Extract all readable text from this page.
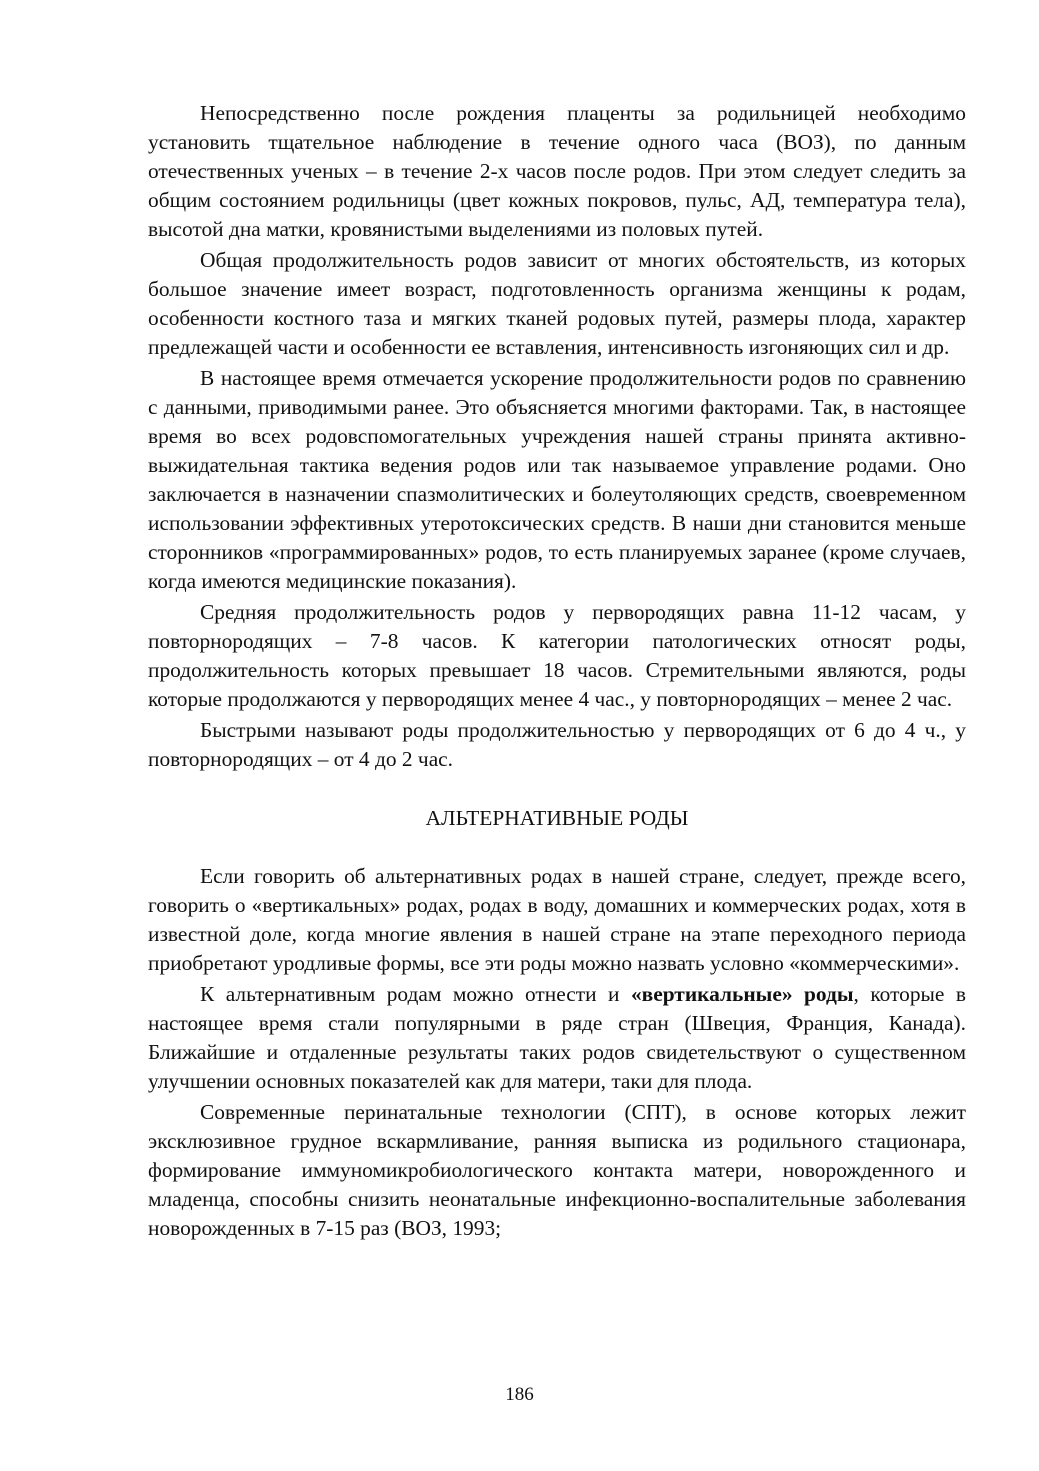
Непосредственно после рождения плаценты за родильницей необходимо установить тщательное наблюдение в течение одного часа (ВОЗ), по данным отечественных ученых – в течение 2-х часов после родов. При этом следует следить за общим состоянием родильницы (цвет кожных покровов, пульс, АД, температура тела), высотой дна матки, кровянистыми выделениями из половых путей.

Общая продолжительность родов зависит от многих обстоятельств, из которых большое значение имеет возраст, подготовленность организма женщины к родам, особенности костного таза и мягких тканей родовых путей, размеры плода, характер предлежащей части и особенности ее вставления, интенсивность изгоняющих сил и др.

В настоящее время отмечается ускорение продолжительности родов по сравнению с данными, приводимыми ранее. Это объясняется многими факторами. Так, в настоящее время во всех родовспомогательных учреждения нашей страны принята активно-выжидательная тактика ведения родов или так называемое управление родами. Оно заключается в назначении спазмолитических и болеутоляющих средств, своевременном использовании эффективных утеротоксических средств. В наши дни становится меньше сторонников «программированных» родов, то есть планируемых заранее (кроме случаев, когда имеются медицинские показания).

Средняя продолжительность родов у первородящих равна 11-12 часам, у повторнородящих – 7-8 часов. К категории патологических относят роды, продолжительность которых превышает 18 часов. Стремительными являются, роды которые продолжаются у первородящих менее 4 час., у повторнородящих – менее 2 час.

Быстрыми называют роды продолжительностью у первородящих от 6 до 4 ч., у повторнородящих – от 4 до 2 час.

АЛЬТЕРНАТИВНЫЕ РОДЫ

Если говорить об альтернативных родах в нашей стране, следует, прежде всего, говорить о «вертикальных» родах, родах в воду, домашних и коммерческих родах, хотя в известной доле, когда многие явления в нашей стране на этапе переходного периода приобретают уродливые формы, все эти роды можно назвать условно «коммерческими».

К альтернативным родам можно отнести и «вертикальные» роды, которые в настоящее время стали популярными в ряде стран (Швеция, Франция, Канада). Ближайшие и отдаленные результаты таких родов свидетельствуют о существенном улучшении основных показателей как для матери, таки для плода.

Современные перинатальные технологии (СПТ), в основе которых лежит эксклюзивное грудное вскармливание, ранняя выписка из родильного стационара, формирование иммуномикробиологического контакта матери, новорожденного и младенца, способны снизить неонатальные инфекционно-воспалительные заболевания новорожденных в 7-15 раз (ВОЗ, 1993;

186
